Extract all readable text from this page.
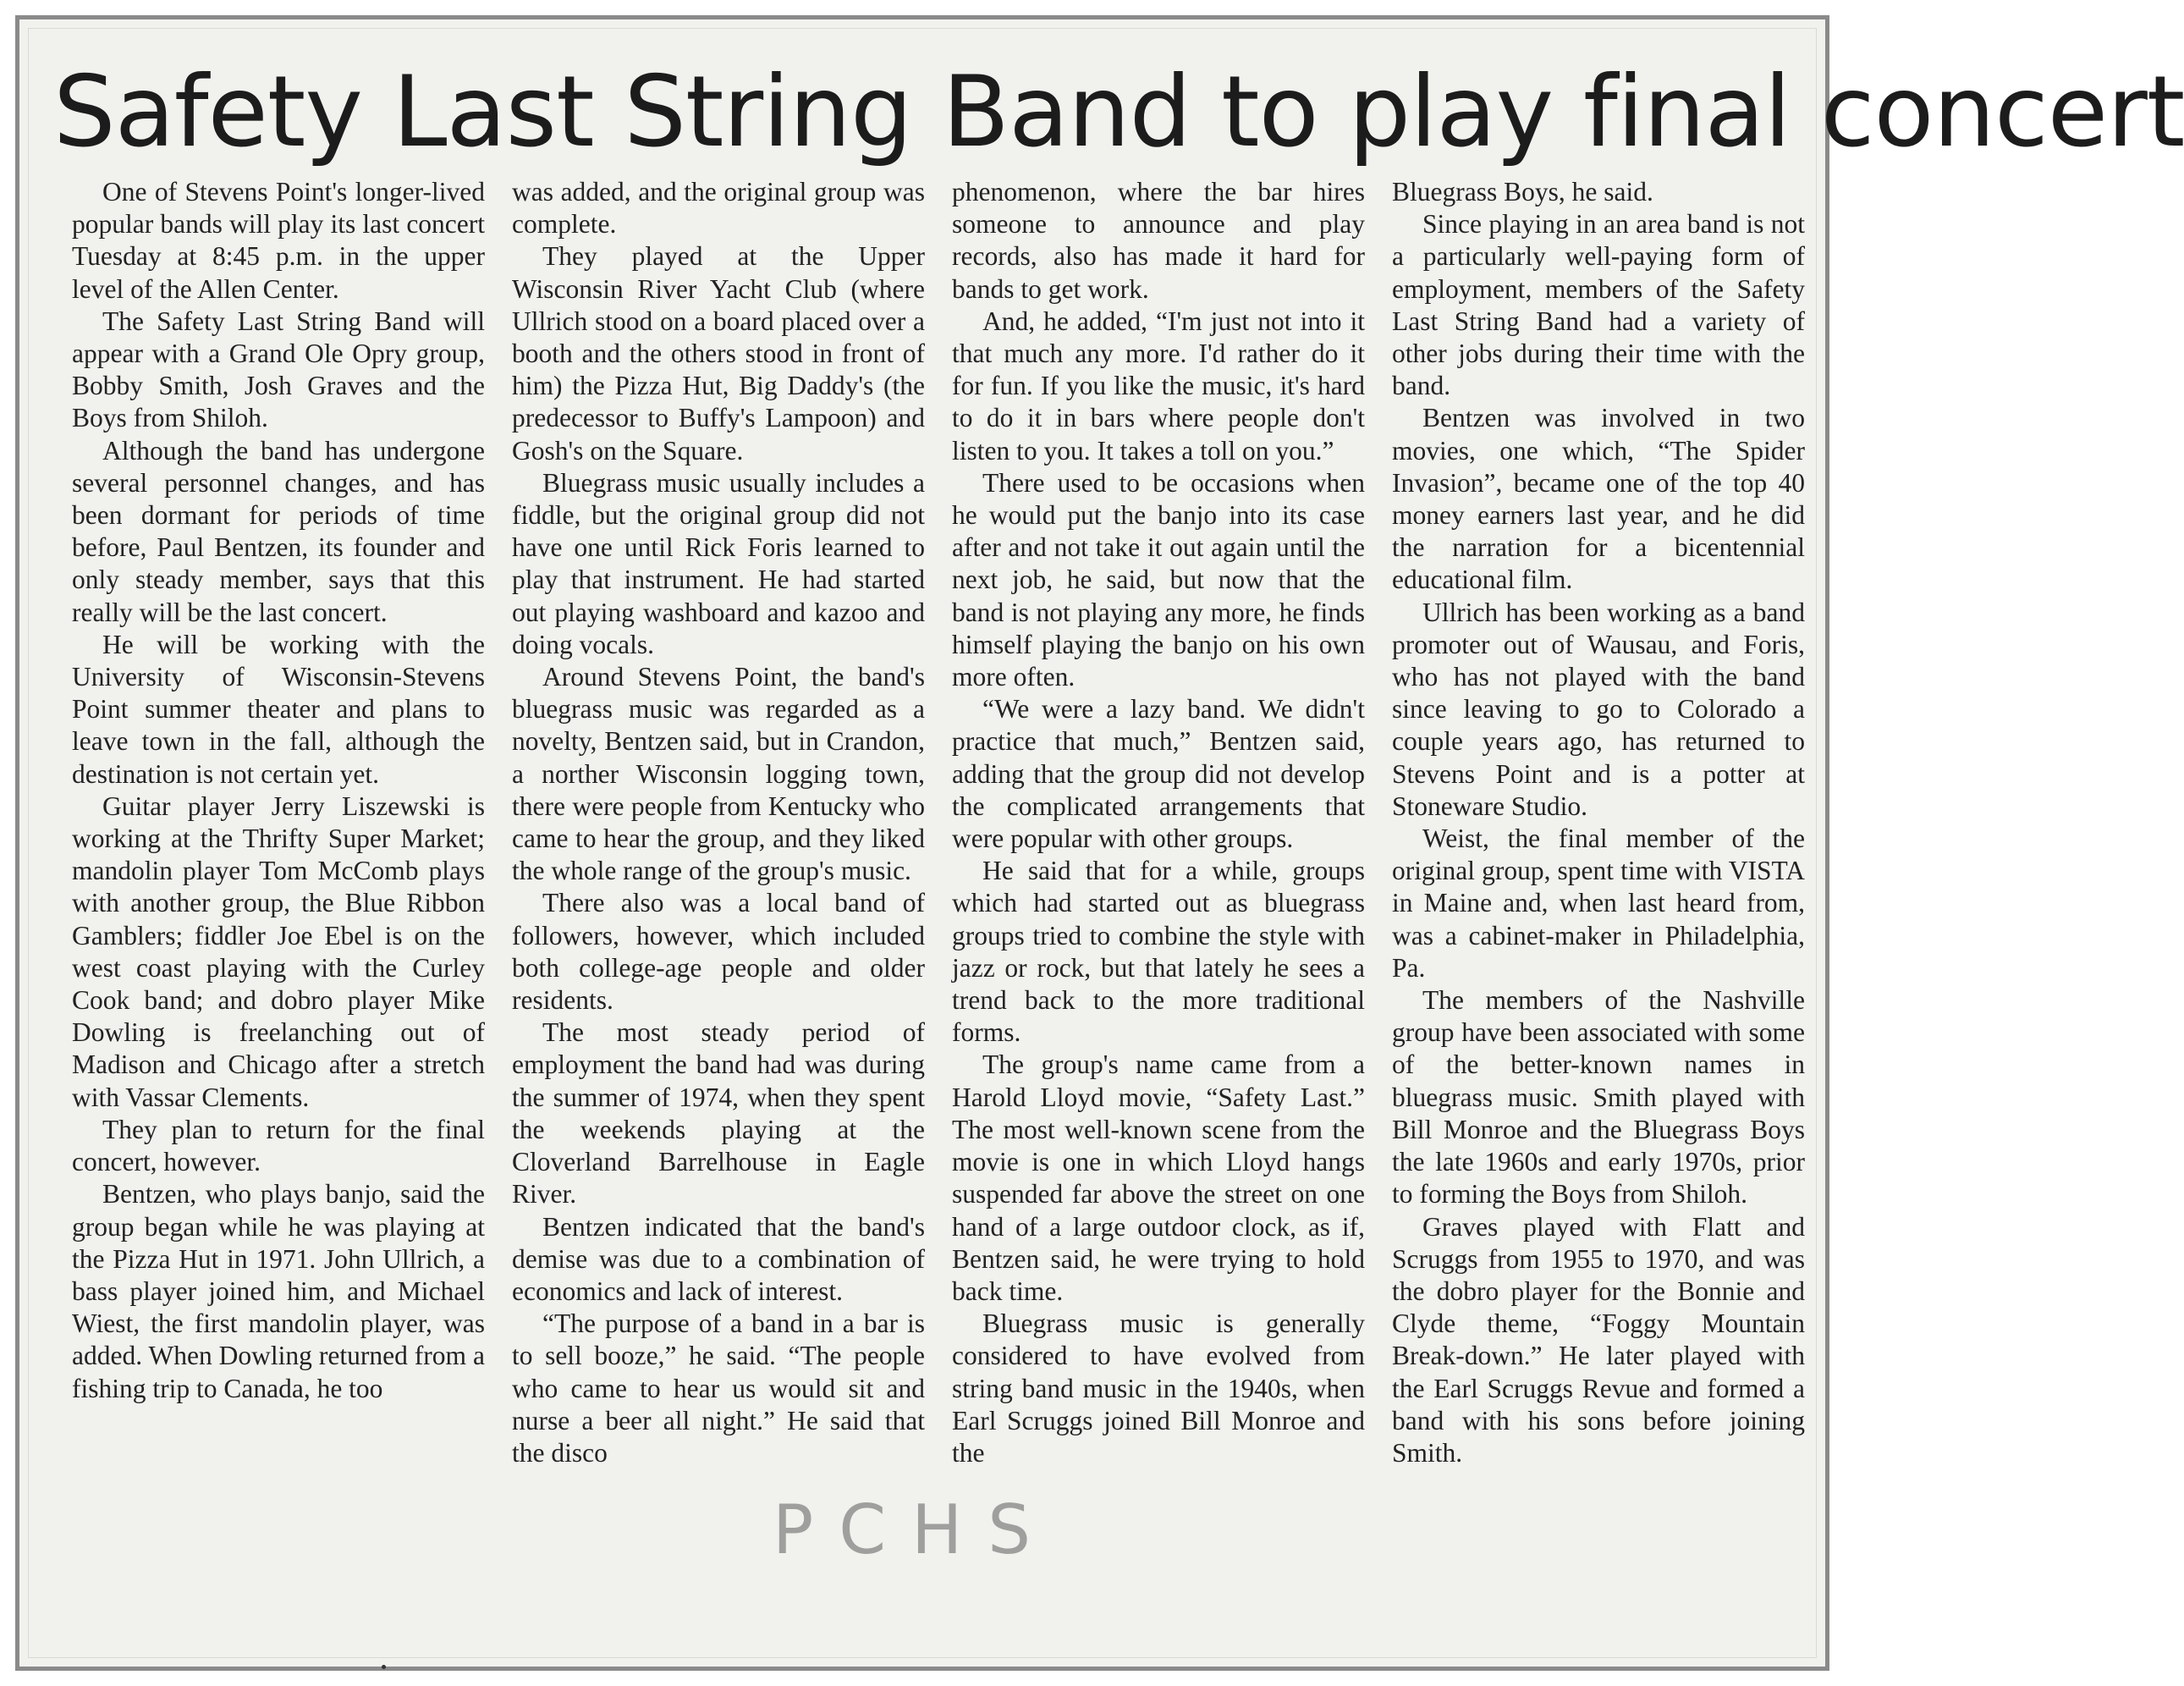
Safety Last String Band to play final concert

One of Stevens Point's longer-lived popular bands will play its last concert Tuesday at 8:45 p.m. in the upper level of the Allen Center.

The Safety Last String Band will appear with a Grand Ole Opry group, Bobby Smith, Josh Graves and the Boys from Shiloh.

Although the band has undergone several personnel changes, and has been dormant for periods of time before, Paul Bentzen, its founder and only steady member, says that this really will be the last concert.

He will be working with the University of Wisconsin-Stevens Point summer theater and plans to leave town in the fall, although the destination is not certain yet.

Guitar player Jerry Liszewski is working at the Thrifty Super Market; mandolin player Tom McComb plays with another group, the Blue Ribbon Gamblers; fiddler Joe Ebel is on the west coast playing with the Curley Cook band; and dobro player Mike Dowling is freelanching out of Madison and Chicago after a stretch with Vassar Clements.

They plan to return for the final concert, however.

Bentzen, who plays banjo, said the group began while he was playing at the Pizza Hut in 1971. John Ullrich, a bass player joined him, and Michael Wiest, the first mandolin player, was added. When Dowling returned from a fishing trip to Canada, he too

was added, and the original group was complete.

They played at the Upper Wisconsin River Yacht Club (where Ullrich stood on a board placed over a booth and the others stood in front of him) the Pizza Hut, Big Daddy's (the predecessor to Buffy's Lampoon) and Gosh's on the Square.

Bluegrass music usually includes a fiddle, but the original group did not have one until Rick Foris learned to play that instrument. He had started out playing washboard and kazoo and doing vocals.

Around Stevens Point, the band's bluegrass music was regarded as a novelty, Bentzen said, but in Crandon, a norther Wisconsin logging town, there were people from Kentucky who came to hear the group, and they liked the whole range of the group's music.

There also was a local band of followers, however, which included both college-age people and older residents.

The most steady period of employment the band had was during the summer of 1974, when they spent the weekends playing at the Cloverland Barrelhouse in Eagle River.

Bentzen indicated that the band's demise was due to a combination of economics and lack of interest.

“The purpose of a band in a bar is to sell booze,” he said. “The people who came to hear us would sit and nurse a beer all night.” He said that the disco

phenomenon, where the bar hires someone to announce and play records, also has made it hard for bands to get work.

And, he added, “I'm just not into it that much any more. I'd rather do it for fun. If you like the music, it's hard to do it in bars where people don't listen to you. It takes a toll on you.”

There used to be occasions when he would put the banjo into its case after and not take it out again until the next job, he said, but now that the band is not playing any more, he finds himself playing the banjo on his own more often.

“We were a lazy band. We didn't practice that much,” Bentzen said, adding that the group did not develop the complicated arrangements that were popular with other groups.

He said that for a while, groups which had started out as bluegrass groups tried to combine the style with jazz or rock, but that lately he sees a trend back to the more traditional forms.

The group's name came from a Harold Lloyd movie, “Safety Last.” The most well-known scene from the movie is one in which Lloyd hangs suspended far above the street on one hand of a large outdoor clock, as if, Bentzen said, he were trying to hold back time.

Bluegrass music is generally considered to have evolved from string band music in the 1940s, when Earl Scruggs joined Bill Monroe and the

Bluegrass Boys, he said.

Since playing in an area band is not a particularly well-paying form of employment, members of the Safety Last String Band had a variety of other jobs during their time with the band.

Bentzen was involved in two movies, one which, “The Spider Invasion”, became one of the top 40 money earners last year, and he did the narration for a bicentennial educational film.

Ullrich has been working as a band promoter out of Wausau, and Foris, who has not played with the band since leaving to go to Colorado a couple years ago, has returned to Stevens Point and is a potter at Stoneware Studio.

Weist, the final member of the original group, spent time with VISTA in Maine and, when last heard from, was a cabinet-maker in Philadelphia, Pa.

The members of the Nashville group have been associated with some of the better-known names in bluegrass music. Smith played with Bill Monroe and the Bluegrass Boys the late 1960s and early 1970s, prior to forming the Boys from Shiloh.

Graves played with Flatt and Scruggs from 1955 to 1970, and was the dobro player for the Bonnie and Clyde theme, “Foggy Mountain Break-down.” He later played with the Earl Scruggs Revue and formed a band with his sons before joining Smith.

PCHS
